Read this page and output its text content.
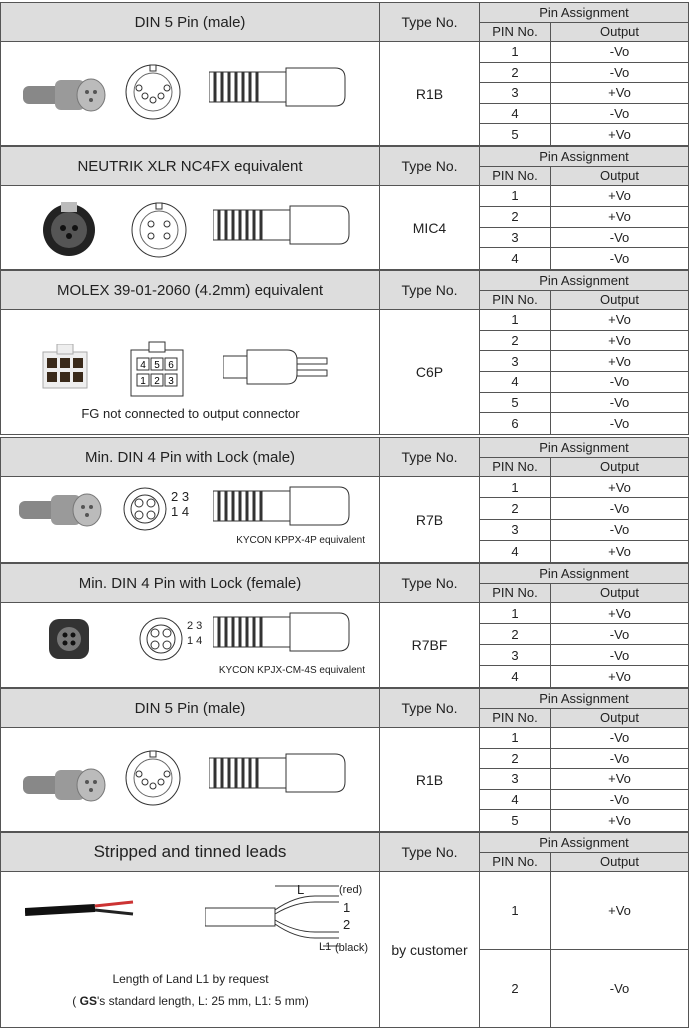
DIN 5 Pin (male)	Type No.
Pin Assignment
PIN No.	Output
R1B
1	-Vo
2	-Vo
3	+Vo
4	-Vo
5	+Vo
NEUTRIK XLR NC4FX equivalent	Type No.
Pin Assignment
PIN No.	Output
MIC4
1	+Vo
2	+Vo
3	-Vo
4	-Vo
MOLEX 39-01-2060 (4.2mm) equivalent	Type No.
Pin Assignment
PIN No.	Output
4 5 6
1 2 3
FG not connected to output connector
C6P
1	+Vo
2	+Vo
3	+Vo
4	-Vo
5	-Vo
6	-Vo
Min. DIN 4 Pin with Lock (male)	Type No.
Pin Assignment
PIN No.	Output
2 3
1 4
KYCON KPPX-4P equivalent
R7B
1	+Vo
2	-Vo
3	-Vo
4	+Vo
Min. DIN 4 Pin with Lock (female)	Type No.
Pin Assignment
PIN No.	Output
2 3
1 4
KYCON KPJX-CM-4S equivalent
R7BF
1	+Vo
2	-Vo
3	-Vo
4	+Vo
DIN 5 Pin (male)	Type No.
Pin Assignment
PIN No.	Output
R1B
1	-Vo
2	-Vo
3	+Vo
4	-Vo
5	+Vo
Stripped and tinned leads	Type No.
Pin Assignment
PIN No.	Output
L	(red)
1
2
L1 (black)
Length of Land L1 by request
( GS's standard length, L: 25 mm, L1: 5 mm)
by customer
1	+Vo
2	-Vo
